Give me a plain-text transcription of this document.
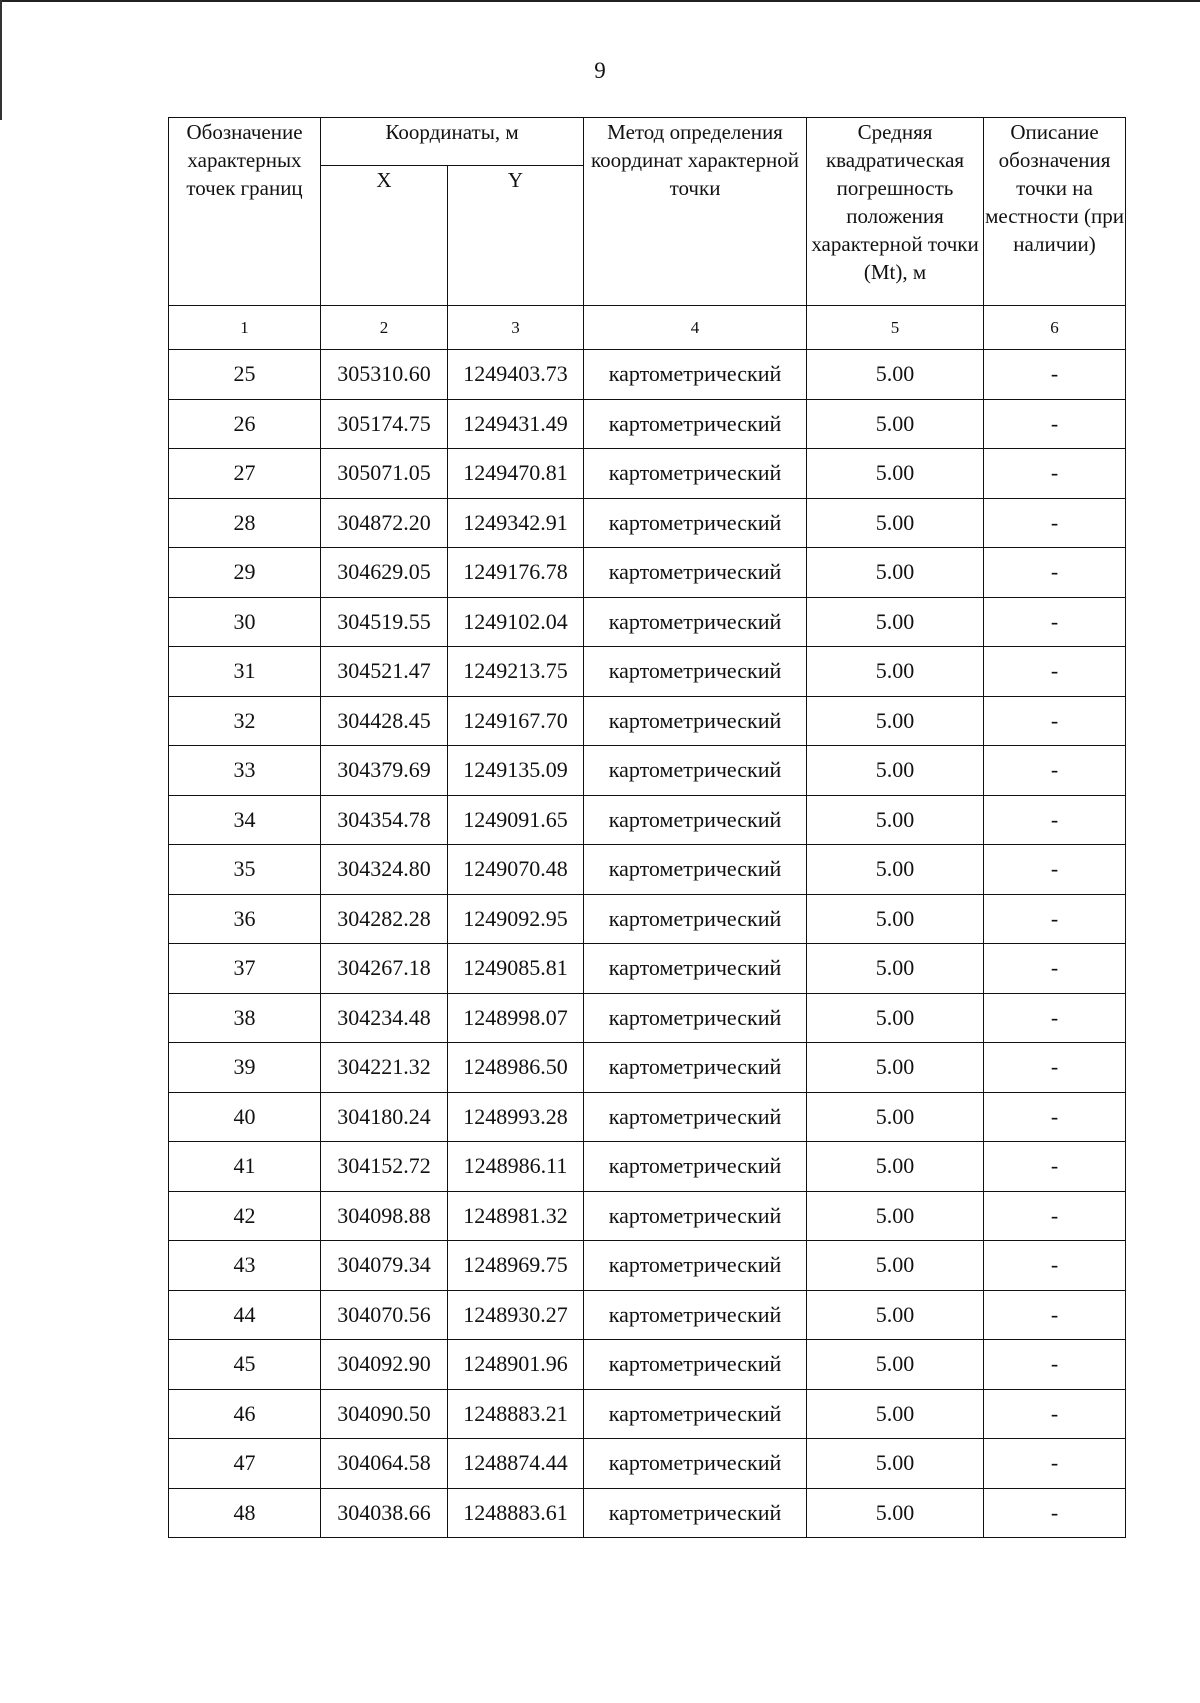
9
Обозначение характерных точек границ	Координаты, м		Метод определения координат характерной точки	Средняя квадратическая погрешность положения характерной точки (Mt), м	Описание обозначения точки на местности (при наличии)

	X	Y			
1	2	3	4	5	6
25	305310.60	1249403.73	картометрический	5.00	-
26	305174.75	1249431.49	картометрический	5.00	-
27	305071.05	1249470.81	картометрический	5.00	-
28	304872.20	1249342.91	картометрический	5.00	-
29	304629.05	1249176.78	картометрический	5.00	-
30	304519.55	1249102.04	картометрический	5.00	-
31	304521.47	1249213.75	картометрический	5.00	-
32	304428.45	1249167.70	картометрический	5.00	-
33	304379.69	1249135.09	картометрический	5.00	-
34	304354.78	1249091.65	картометрический	5.00	-
35	304324.80	1249070.48	картометрический	5.00	-
36	304282.28	1249092.95	картометрический	5.00	-
37	304267.18	1249085.81	картометрический	5.00	-
38	304234.48	1248998.07	картометрический	5.00	-
39	304221.32	1248986.50	картометрический	5.00	-
40	304180.24	1248993.28	картометрический	5.00	-
41	304152.72	1248986.11	картометрический	5.00	-
42	304098.88	1248981.32	картометрический	5.00	-
43	304079.34	1248969.75	картометрический	5.00	-
44	304070.56	1248930.27	картометрический	5.00	-
45	304092.90	1248901.96	картометрический	5.00	-
46	304090.50	1248883.21	картометрический	5.00	-
47	304064.58	1248874.44	картометрический	5.00	-
48	304038.66	1248883.61	картометрический	5.00	-
